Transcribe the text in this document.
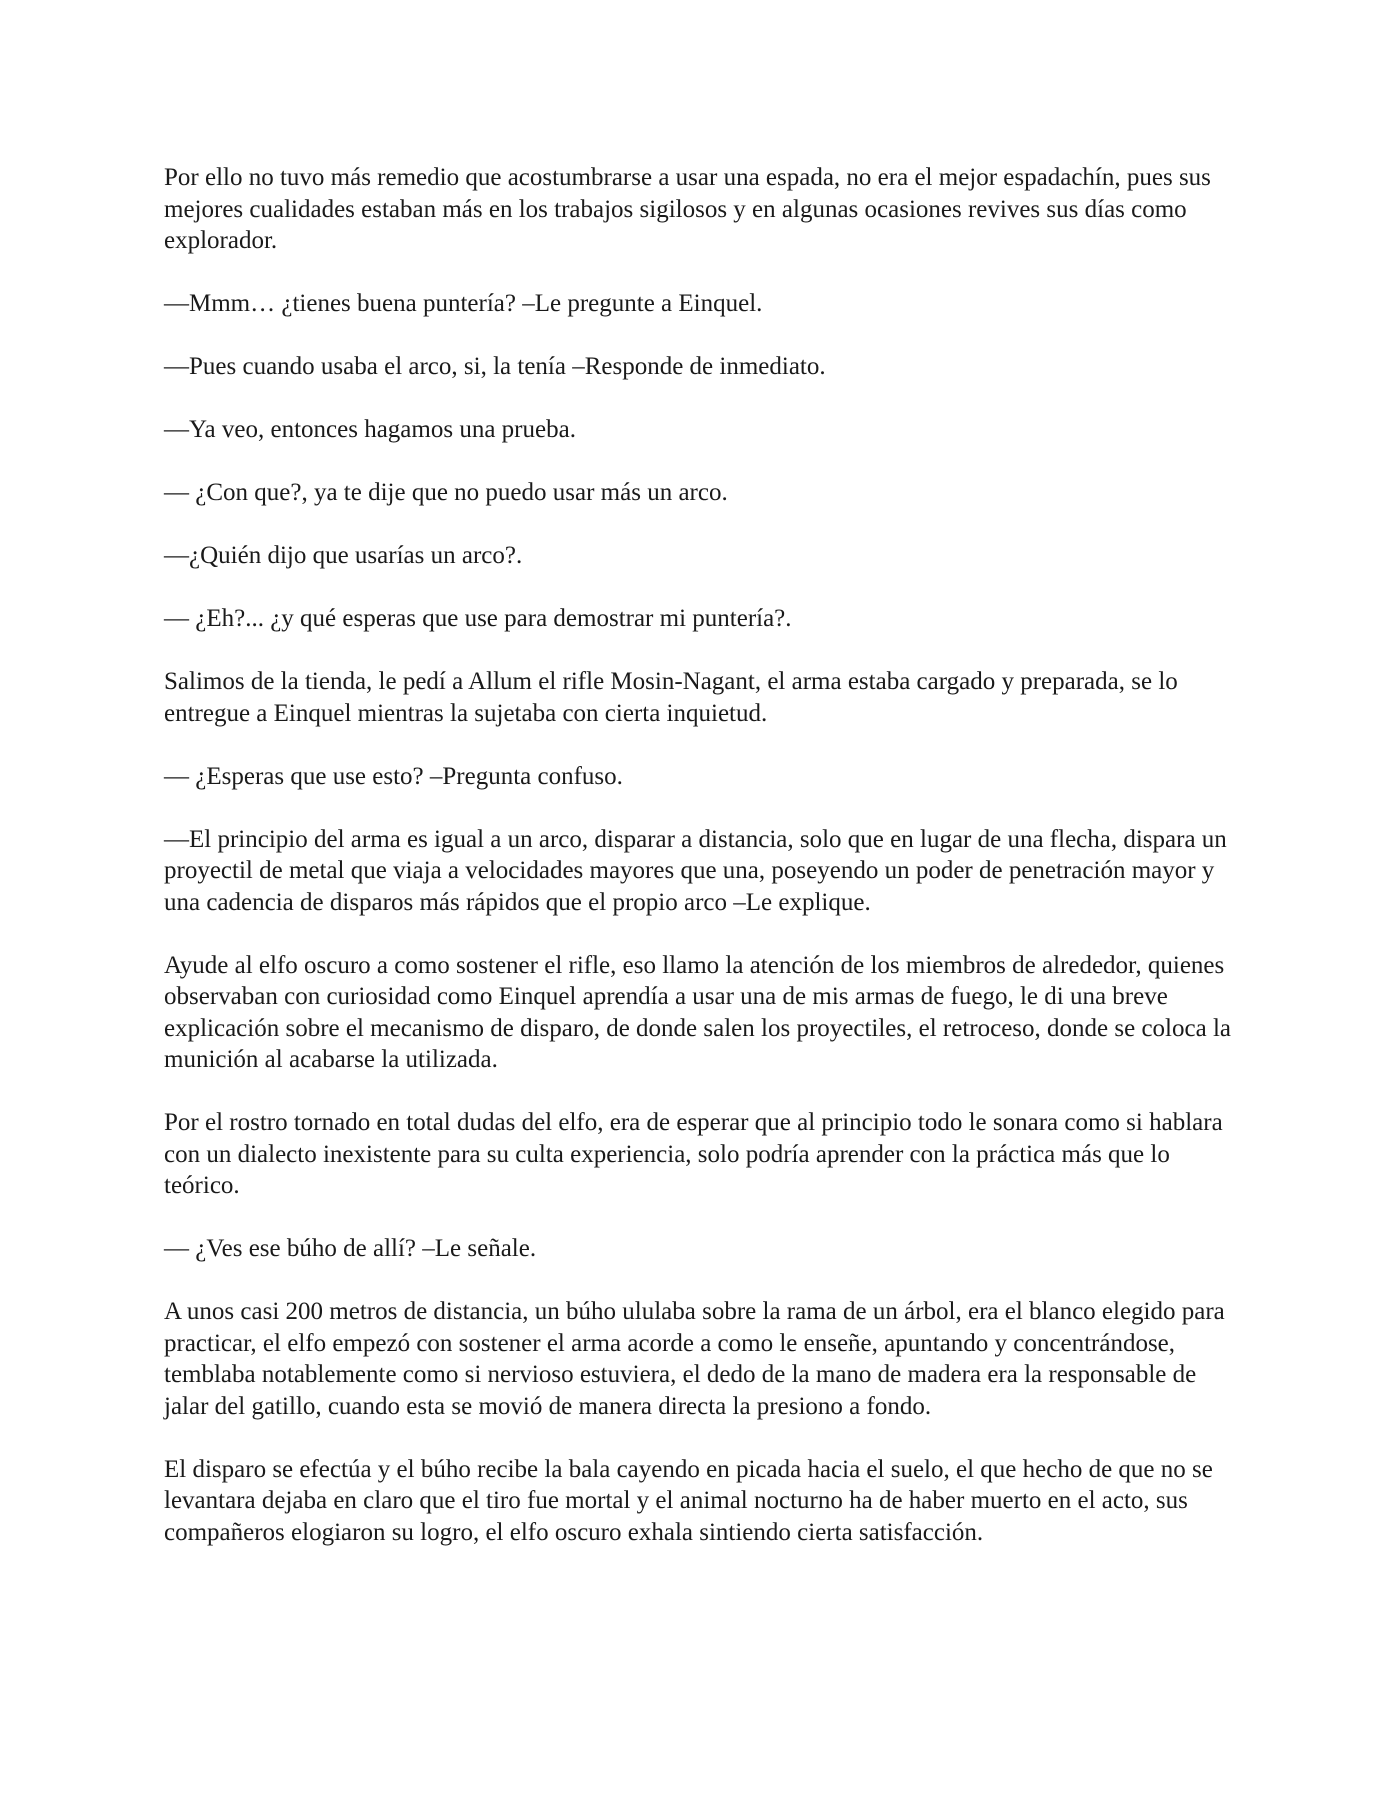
Por ello no tuvo más remedio que acostumbrarse a usar una espada, no era el mejor espadachín, pues sus mejores cualidades estaban más en los trabajos sigilosos y en algunas ocasiones revives sus días como explorador.

—Mmm… ¿tienes buena puntería? –Le pregunte a Einquel.

—Pues cuando usaba el arco, si, la tenía –Responde de inmediato.

—Ya veo, entonces hagamos una prueba.

— ¿Con que?, ya te dije que no puedo usar más un arco.

—¿Quién dijo que usarías un arco?.

— ¿Eh?... ¿y qué esperas que use para demostrar mi puntería?.

Salimos de la tienda, le pedí a Allum el rifle Mosin-Nagant, el arma estaba cargado y preparada, se lo entregue a Einquel mientras la sujetaba con cierta inquietud.

— ¿Esperas que use esto? –Pregunta confuso.

—El principio del arma es igual a un arco, disparar a distancia, solo que en lugar de una flecha, dispara un proyectil de metal que viaja a velocidades mayores que una, poseyendo un poder de penetración mayor y una cadencia de disparos más rápidos que el propio arco –Le explique.

Ayude al elfo oscuro a como sostener el rifle, eso llamo la atención de los miembros de alrededor, quienes observaban con curiosidad como Einquel aprendía a usar una de mis armas de fuego, le di una breve explicación sobre el mecanismo de disparo, de donde salen los proyectiles, el retroceso, donde se coloca la munición al acabarse la utilizada.

Por el rostro tornado en total dudas del elfo, era de esperar que al principio todo le sonara como si hablara con un dialecto inexistente para su culta experiencia, solo podría aprender con la práctica más que lo teórico.

— ¿Ves ese búho de allí? –Le señale.

A unos casi 200 metros de distancia, un búho ululaba sobre la rama de un árbol, era el blanco elegido para practicar, el elfo empezó con sostener el arma acorde a como le enseñe, apuntando y concentrándose, temblaba notablemente como si nervioso estuviera, el dedo de la mano de madera era la responsable de jalar del gatillo, cuando esta se movió de manera directa la presiono a fondo.

El disparo se efectúa y el búho recibe la bala cayendo en picada hacia el suelo, el que hecho de que no se levantara dejaba en claro que el tiro fue mortal y el animal nocturno ha de haber muerto en el acto, sus compañeros elogiaron su logro, el elfo oscuro exhala sintiendo cierta satisfacción.
